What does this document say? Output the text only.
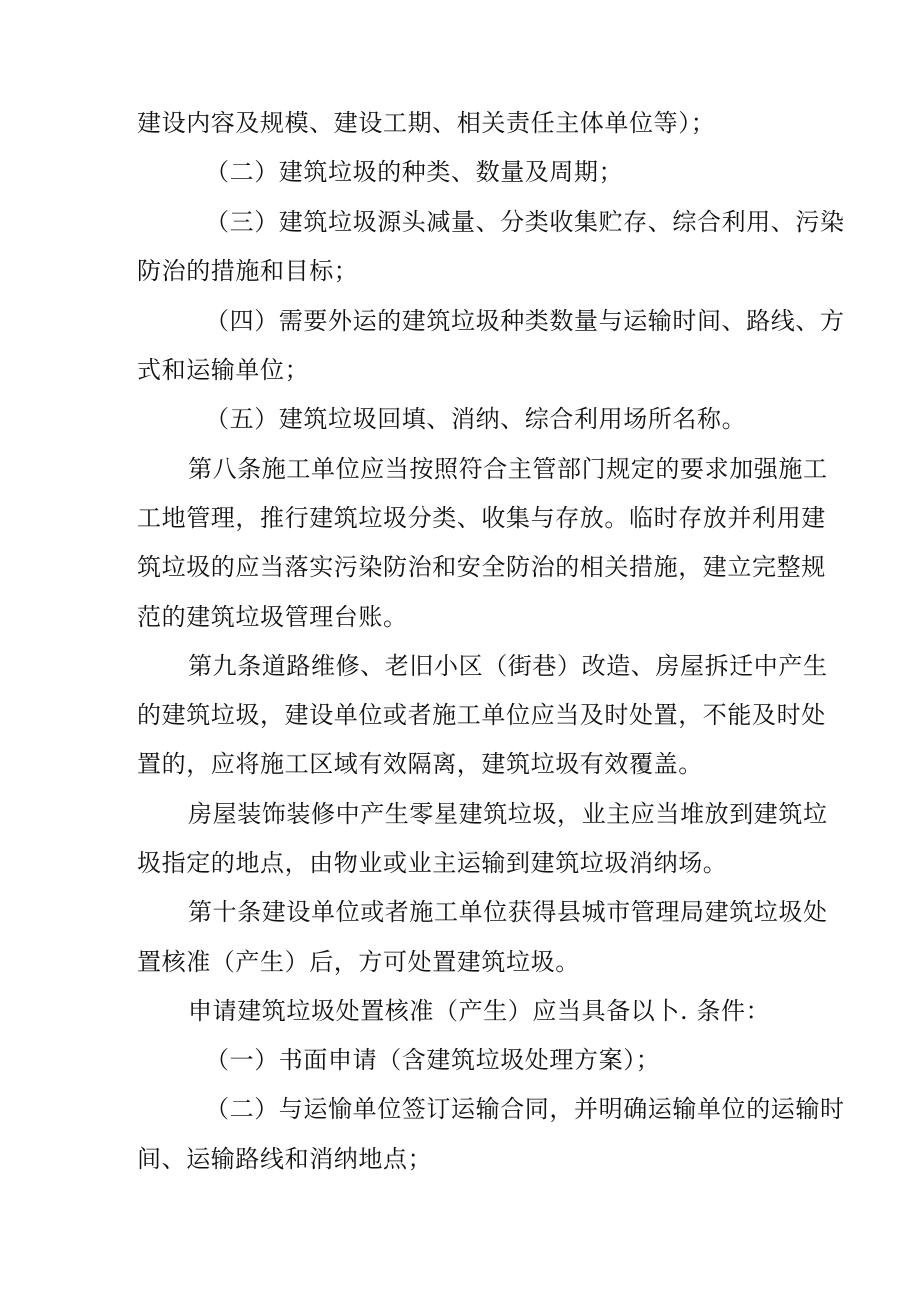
建设内容及规模、建设工期、相关责任主体单位等）；
（二）建筑垃圾的种类、数量及周期；
（三）建筑垃圾源头减量、分类收集贮存、综合利用、污染
防治的措施和目标；
（四）需要外运的建筑垃圾种类数量与运输时间、路线、方
式和运输单位；
（五）建筑垃圾回填、消纳、综合利用场所名称。
第八条施工单位应当按照符合主管部门规定的要求加强施工
工地管理，推行建筑垃圾分类、收集与存放。临时存放并利用建
筑垃圾的应当落实污染防治和安全防治的相关措施，建立完整规
范的建筑垃圾管理台账。
第九条道路维修、老旧小区（街巷）改造、房屋拆迁中产生
的建筑垃圾，建设单位或者施工单位应当及时处置，不能及时处
置的，应将施工区域有效隔离，建筑垃圾有效覆盖。
房屋装饰装修中产生零星建筑垃圾，业主应当堆放到建筑垃
圾指定的地点，由物业或业主运输到建筑垃圾消纳场。
第十条建设单位或者施工单位获得县城市管理局建筑垃圾处
置核准（产生）后，方可处置建筑垃圾。
申请建筑垃圾处置核准（产生）应当具备以卜. 条件：
（一）书面申请（含建筑垃圾处理方案）；
（二）与运愉单位签订运输合同，并明确运输单位的运输时
间、运输路线和消纳地点；
